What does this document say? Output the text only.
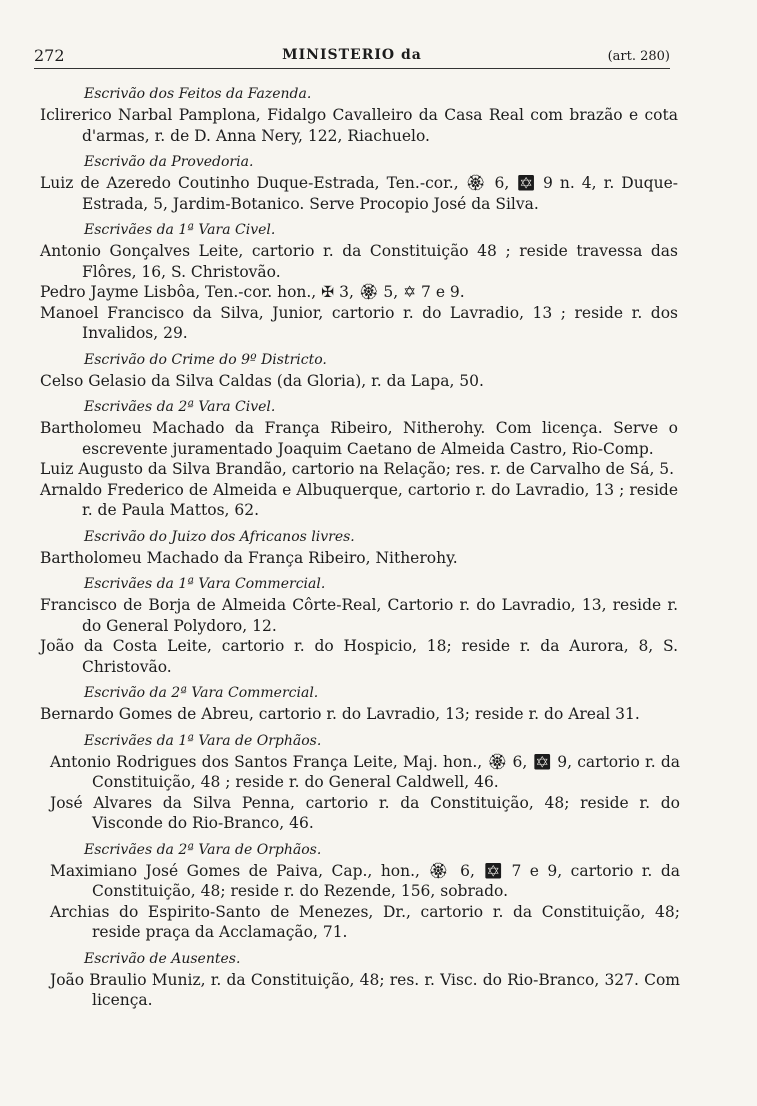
272	MINISTERIO da	(art. 280)
Escrivão dos Feitos da Fazenda.
Iclirerico Narbal Pamplona, Fidalgo Cavalleiro da Casa Real com brazão e cota d'armas, r. de D. Anna Nery, 122, Riachuelo.
Escrivão da Provedoria.
Luiz de Azeredo Coutinho Duque-Estrada, Ten.-cor., 🏵 6, ✡ 9 n. 4, r. Duque-Estrada, 5, Jardim-Botanico. Serve Procopio José da Silva.
Escrivães da 1ª Vara Civel.
Antonio Gonçalves Leite, cartorio r. da Constituição 48 ; reside travessa das Flôres, 16, S. Christovão.
Pedro Jayme Lisbôa, Ten.-cor. hon., ✠ 3, 🏵 5, ✡ 7 e 9.
Manoel Francisco da Silva, Junior, cartorio r. do Lavradio, 13 ; reside r. dos Invalidos, 29.
Escrivão do Crime do 9º Districto.
Celso Gelasio da Silva Caldas (da Gloria), r. da Lapa, 50.
Escrivães da 2ª Vara Civel.
Bartholomeu Machado da França Ribeiro, Nitherohy. Com licença. Serve o escrevente juramentado Joaquim Caetano de Almeida Castro, Rio-Comp.
Luiz Augusto da Silva Brandão, cartorio na Relação; res. r. de Carvalho de Sá, 5.
Arnaldo Frederico de Almeida e Albuquerque, cartorio r. do Lavradio, 13 ; reside r. de Paula Mattos, 62.
Escrivão do Juizo dos Africanos livres.
Bartholomeu Machado da França Ribeiro, Nitherohy.
Escrivães da 1ª Vara Commercial.
Francisco de Borja de Almeida Côrte-Real, Cartorio r. do Lavradio, 13, reside r. do General Polydoro, 12.
João da Costa Leite, cartorio r. do Hospicio, 18; reside r. da Aurora, 8, S. Christovão.
Escrivão da 2ª Vara Commercial.
Bernardo Gomes de Abreu, cartorio r. do Lavradio, 13; reside r. do Areal 31.
Escrivães da 1ª Vara de Orphãos.
Antonio Rodrigues dos Santos França Leite, Maj. hon., 🏵 6, ✡ 9, cartorio r. da Constituição, 48 ; reside r. do General Caldwell, 46.
José Alvares da Silva Penna, cartorio r. da Constituição, 48; reside r. do Visconde do Rio-Branco, 46.
Escrivães da 2ª Vara de Orphãos.
Maximiano José Gomes de Paiva, Cap., hon., 🏵 6, ✡ 7 e 9, cartorio r. da Constituição, 48; reside r. do Rezende, 156, sobrado.
Archias do Espirito-Santo de Menezes, Dr., cartorio r. da Constituição, 48; reside praça da Acclamação, 71.
Escrivão de Ausentes.
João Braulio Muniz, r. da Constituição, 48; res. r. Visc. do Rio-Branco, 327. Com licença.
